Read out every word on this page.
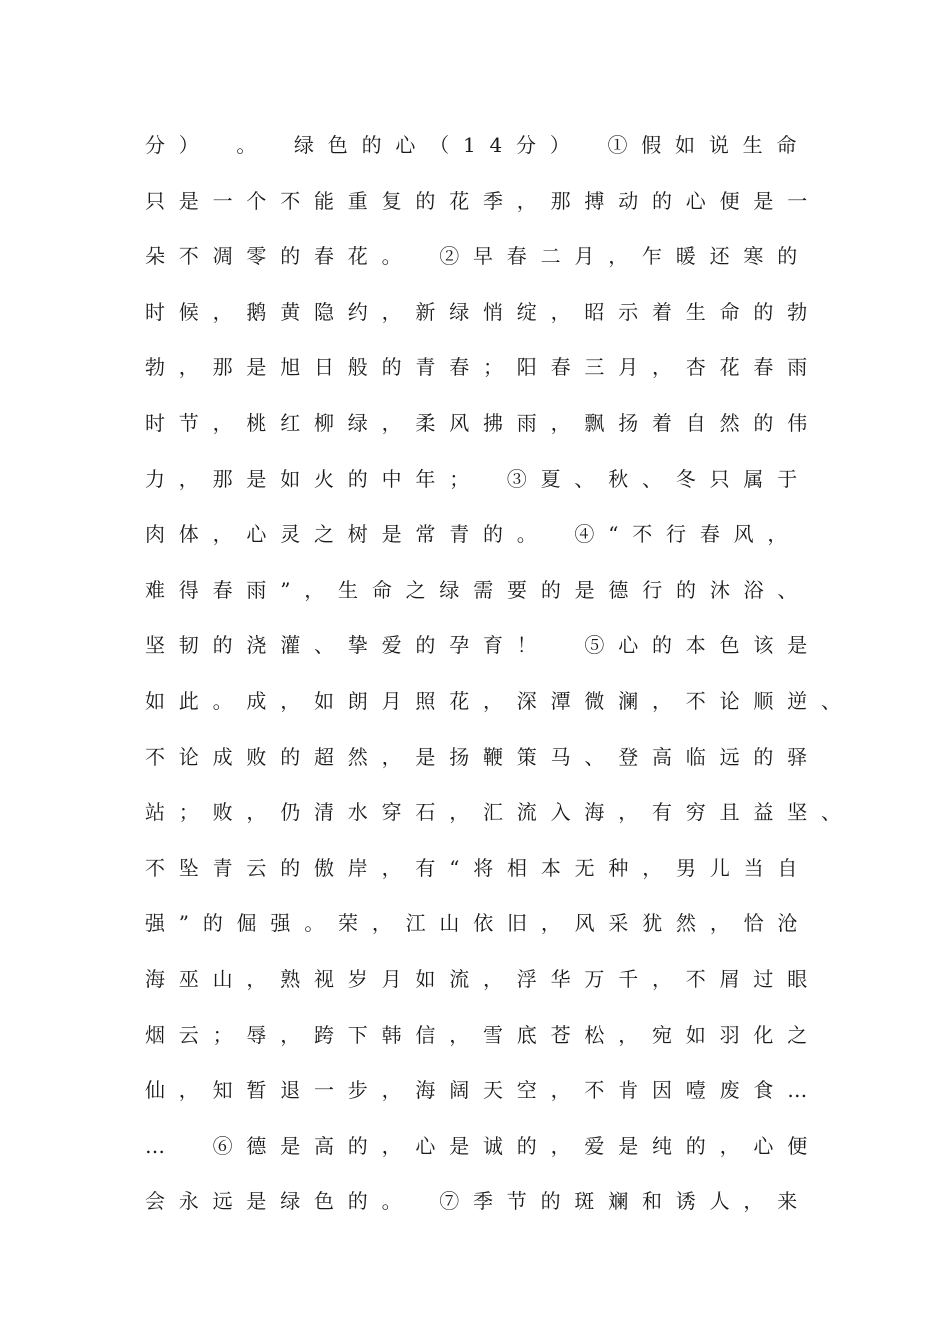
分）　。　绿色的心（14分）　①假如说生命
只是一个不能重复的花季，那搏动的心便是一
朵不凋零的春花。　②早春二月，乍暖还寒的
时候，鹅黄隐约，新绿悄绽，昭示着生命的勃
勃，那是旭日般的青春；阳春三月，杏花春雨
时节，桃红柳绿，柔风拂雨，飘扬着自然的伟
力，那是如火的中年；　③夏、秋、冬只属于
肉体，心灵之树是常青的。　④“不行春风，
难得春雨”，生命之绿需要的是德行的沐浴、
坚韧的浇灌、挚爱的孕育！　⑤心的本色该是
如此。成，如朗月照花，深潭微澜，不论顺逆、
不论成败的超然，是扬鞭策马、登高临远的驿
站；败，仍清水穿石，汇流入海，有穷且益坚、
不坠青云的傲岸，有“将相本无种，男儿当自
强”的倔强。荣，江山依旧，风采犹然，恰沧
海巫山，熟视岁月如流，浮华万千，不屑过眼
烟云；辱，跨下韩信，雪底苍松，宛如羽化之
仙，知暂退一步，海阔天空，不肯因噎废食…
…　⑥德是高的，心是诚的，爱是纯的，心便
会永远是绿色的。　⑦季节的斑斓和诱人，来
